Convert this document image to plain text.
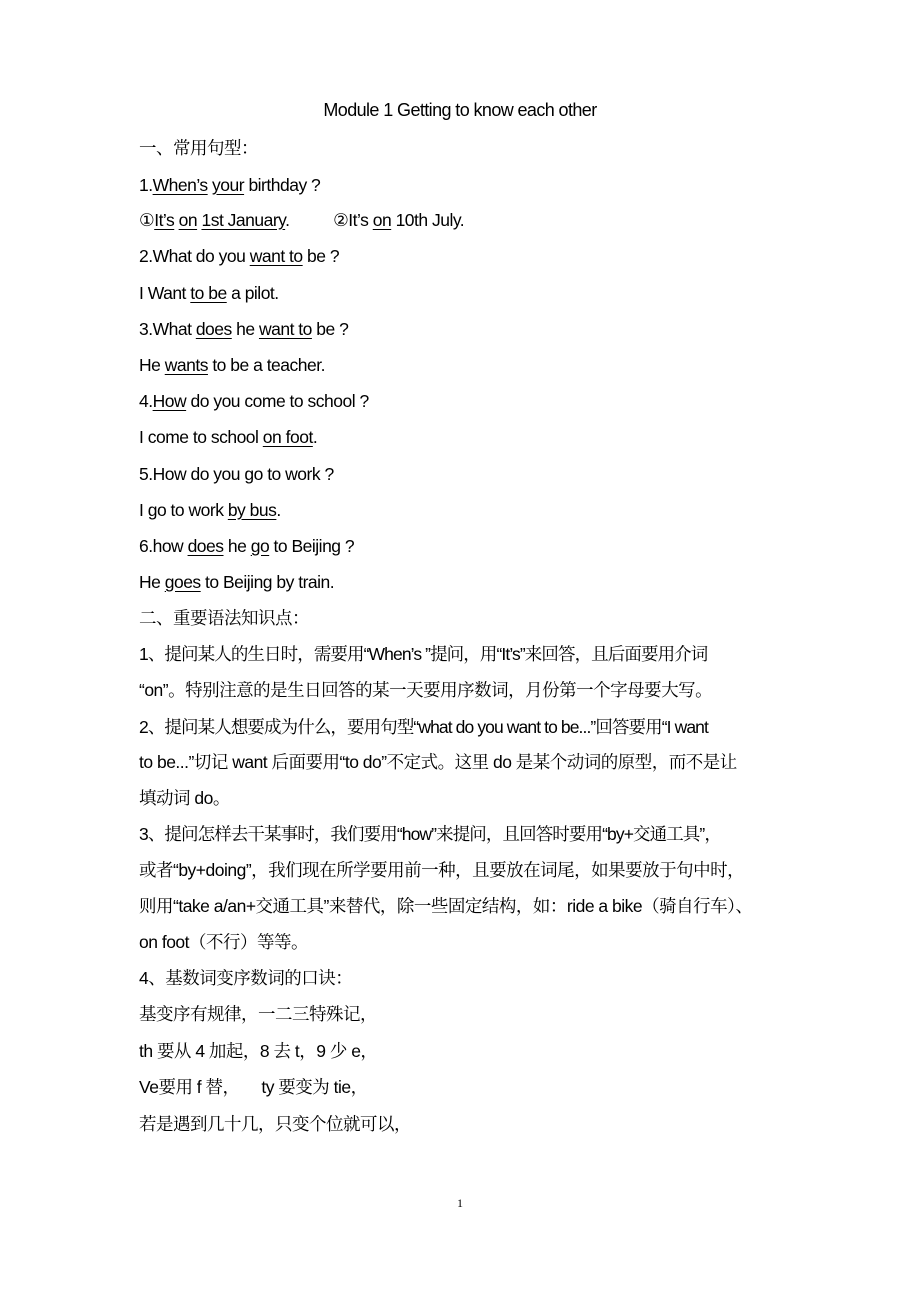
Module 1 Getting to know each other
一、常用句型：
1.When’s your birthday ?
①It’s on 1st January.          ②It’s on 10th July.
2.What do you want to be ?
I Want to be a pilot.
3.What does he want to be ?
He wants to be a teacher.
4.How do you come to school ?
I come to school on foot.
5.How do you go to work ?
I go to work by bus.
6.how does he go to Beijing ?
He goes to Beijing by train.
二、重要语法知识点：
1、提问某人的生日时，需要用“When’s ”提问，用“It’s”来回答，且后面要用介词
“on”。特别注意的是生日回答的某一天要用序数词，月份第一个字母要大写。
2、提问某人想要成为什么，要用句型“what do you want to be...”回答要用“I want
to be...”切记 want 后面要用“to do”不定式。这里 do 是某个动词的原型，而不是让
填动词 do。
3、提问怎样去干某事时，我们要用“how”来提问，且回答时要用“by+交通工具”，
或者“by+doing”，我们现在所学要用前一种，且要放在词尾，如果要放于句中时，
则用“take a/an+交通工具”来替代，除一些固定结构，如：ride a bike（骑自行车）、
on foot（不行）等等。
4、基数词变序数词的口诀：
基变序有规律，一二三特殊记，
th 要从 4 加起，8 去 t，9 少 e，
Ve要用 f 替，     ty 要变为 tie，
若是遇到几十几，只变个位就可以，
1
